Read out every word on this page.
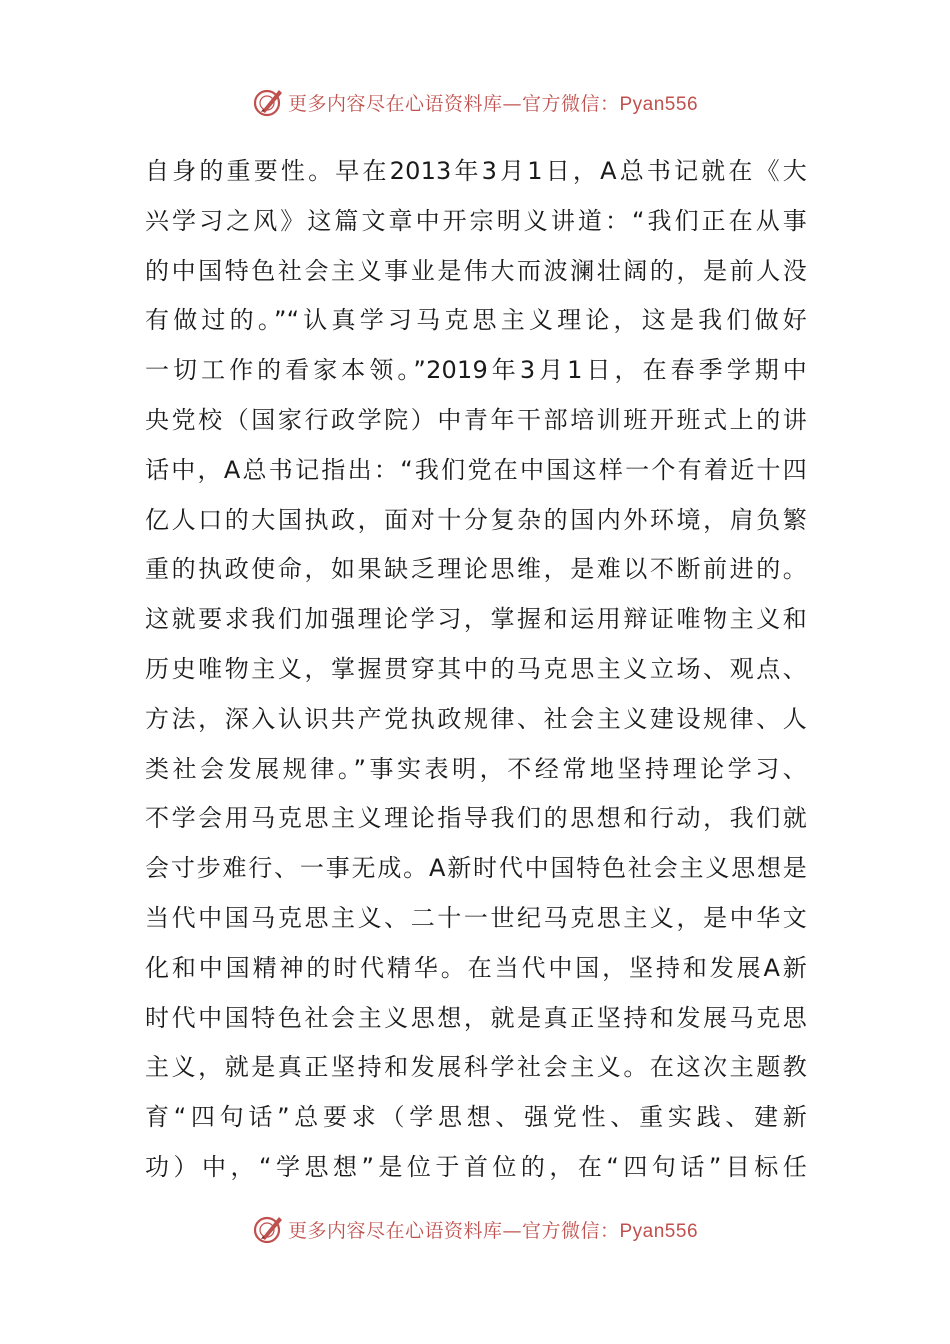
更多内容尽在心语资料库—官方微信：Pyan556
自身的重要性。早在2013年3月1日，A总书记就在《大
兴学习之风》这篇文章中开宗明义讲道：“我们正在从事
的中国特色社会主义事业是伟大而波澜壮阔的，是前人没
有做过的。”“认真学习马克思主义理论，这是我们做好
一切工作的看家本领。”2019年3月1日，在春季学期中
央党校（国家行政学院）中青年干部培训班开班式上的讲
话中，A总书记指出：“我们党在中国这样一个有着近十四
亿人口的大国执政，面对十分复杂的国内外环境，肩负繁
重的执政使命，如果缺乏理论思维，是难以不断前进的。
这就要求我们加强理论学习，掌握和运用辩证唯物主义和
历史唯物主义，掌握贯穿其中的马克思主义立场、观点、
方法，深入认识共产党执政规律、社会主义建设规律、人
类社会发展规律。”事实表明，不经常地坚持理论学习、
不学会用马克思主义理论指导我们的思想和行动，我们就
会寸步难行、一事无成。A新时代中国特色社会主义思想是
当代中国马克思主义、二十一世纪马克思主义，是中华文
化和中国精神的时代精华。在当代中国，坚持和发展A新
时代中国特色社会主义思想，就是真正坚持和发展马克思
主义，就是真正坚持和发展科学社会主义。在这次主题教
育“四句话”总要求（学思想、强党性、重实践、建新
功）中，“学思想”是位于首位的，在“四句话”目标任
更多内容尽在心语资料库—官方微信：Pyan556
